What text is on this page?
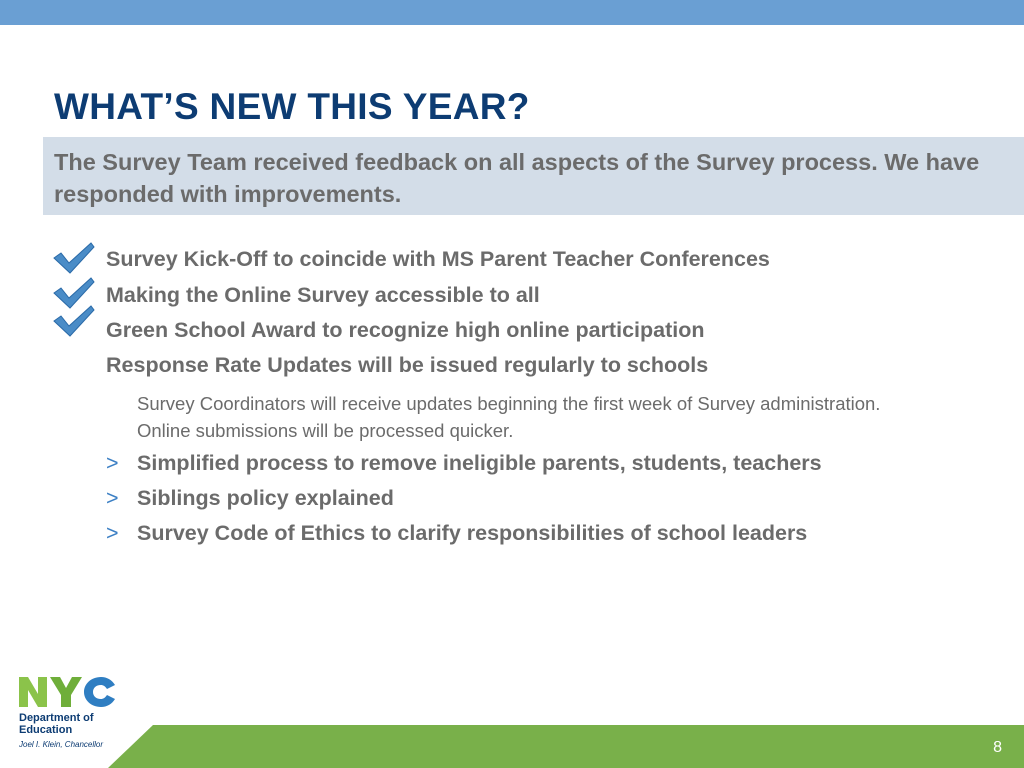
WHAT’S NEW THIS YEAR?

The Survey Team received feedback on all aspects of the Survey process. We have responded with improvements.

Survey Kick-Off to coincide with MS Parent Teacher Conferences
Making the Online Survey accessible to all
Green School Award to recognize high online participation
Response Rate Updates will be issued regularly to schools

Survey Coordinators will receive updates beginning the first week of Survey administration. Online submissions will be processed quicker.

> Simplified process to remove ineligible parents, students, teachers
> Siblings policy explained
> Survey Code of Ethics to clarify responsibilities of school leaders
Department of
Education
Joel I. Klein, Chancellor	8
